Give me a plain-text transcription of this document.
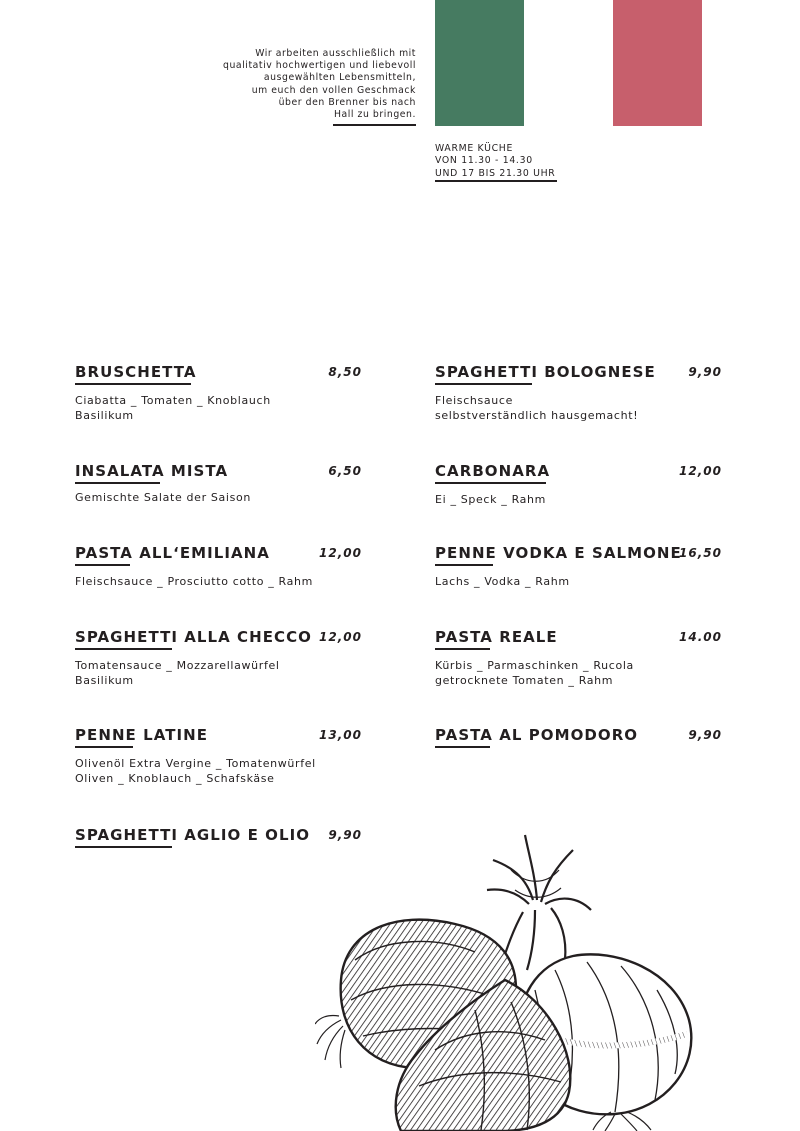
Wir arbeiten ausschließlich mit
qualitativ hochwertigen und liebevoll
ausgewählten Lebensmitteln,
um euch den vollen Geschmack
über den Brenner bis nach
Hall zu bringen.
WARME KÜCHE
VON 11.30 - 14.30
UND 17 BIS 21.30 UHR
BRUSCHETTA	8,50
Ciabatta _ Tomaten _ Knoblauch
Basilikum
INSALATA MISTA	6,50
Gemischte Salate der Saison
PASTA ALL‘EMILIANA	12,00
Fleischsauce _ Prosciutto cotto _ Rahm
SPAGHETTI ALLA CHECCO 12,00
Tomatensauce _ Mozzarellawürfel
Basilikum
PENNE LATINE	13,00
Olivenöl Extra Vergine _ Tomatenwürfel
Oliven _ Knoblauch _ Schafskäse
SPAGHETTI AGLIO E OLIO 9,90
SPAGHETTI BOLOGNESE	9,90
Fleischsauce
selbstverständlich hausgemacht!
CARBONARA	12,00
Ei _ Speck _ Rahm
PENNE VODKA E SALMONE
16,50
Lachs _ Vodka _ Rahm
PASTA REALE	14.00
Kürbis _ Parmaschinken _ Rucola
getrocknete Tomaten _ Rahm
PASTA AL POMODORO	9,90
